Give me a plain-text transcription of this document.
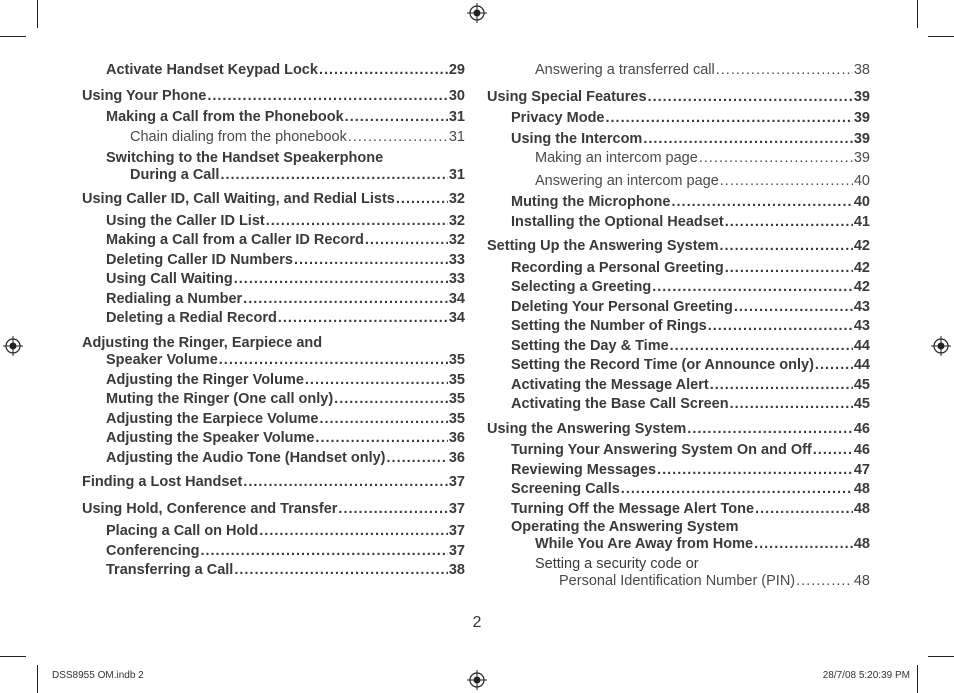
Activate Handset Keypad Lock .....	29
Using Your Phone .....	30
Making a Call from the Phonebook .....	31
Chain dialing from the phonebook .....	31
Switching to the Handset Speakerphone
During a Call .....	31
Using Caller ID, Call Waiting, and Redial Lists .....	32
Using the Caller ID List .....	32
Making a Call from a Caller ID Record .....	32
Deleting Caller ID Numbers .....	33
Using Call Waiting .....	33
Redialing a Number .....	34
Deleting a Redial Record .....	34
Adjusting the Ringer, Earpiece and
Speaker Volume .....	35
Adjusting the Ringer Volume .....	35
Muting the Ringer (One call only) .....	35
Adjusting the Earpiece Volume .....	35
Adjusting the Speaker Volume .....	36
Adjusting the Audio Tone (Handset only) .....	36
Finding a Lost Handset .....	37
Using Hold, Conference and Transfer .....	37
Placing a Call on Hold .....	37
Conferencing .....	37
Transferring a Call .....	38
Answering a transferred call .....	38
Using Special Features .....	39
Privacy Mode .....	39
Using the Intercom .....	39
Making an intercom page .....	39
Answering an intercom page .....	40
Muting the Microphone .....	40
Installing the Optional Headset .....	41
Setting Up the Answering System .....	42
Recording a Personal Greeting .....	42
Selecting a Greeting .....	42
Deleting Your Personal Greeting .....	43
Setting the Number of Rings .....	43
Setting the Day & Time .....	44
Setting the Record Time (or Announce only) .....	44
Activating the Message Alert .....	45
Activating the Base Call Screen .....	45
Using the Answering System .....	46
Turning Your Answering System On and Off .....	46
Reviewing Messages .....	47
Screening Calls .....	48
Turning Off the Message Alert Tone .....	48
Operating the Answering System
While You Are Away from Home .....	48
Setting a security code or
Personal Identification Number (PIN) .....	48
2
DSS8955 OM.indb 2	28/7/08 5:20:39 PM
